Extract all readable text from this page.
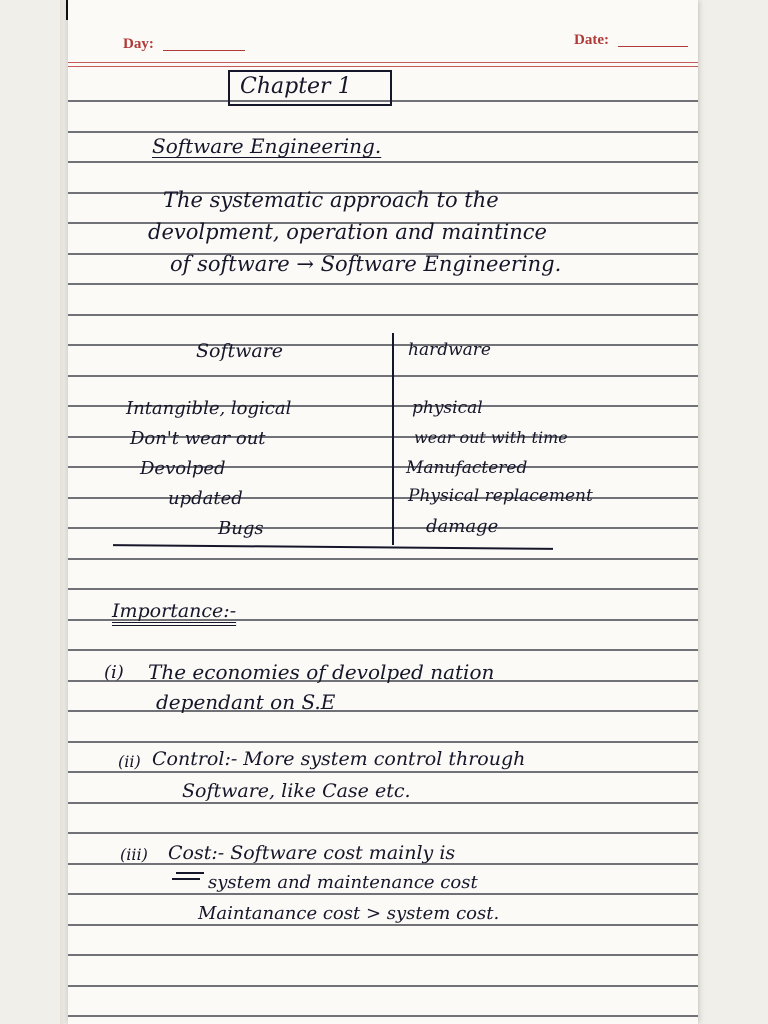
Day:	Date:
Chapter 1
Software Engineering.
The systematic approach to the
devolpment, operation and maintince
of software → Software Engineering.
Software	hardware
Intangible, logical
Don't wear out
Devolped
updated
Bugs
physical
wear out with time
Manufactered
Physical replacement
damage
Importance:-
(i) The economies of devolped nation
dependant on S.E
(ii) Control:- More system control through
Software, like Case etc.
(iii) Cost:- Software cost mainly is
system and maintenance cost
Maintanance cost > system cost.
